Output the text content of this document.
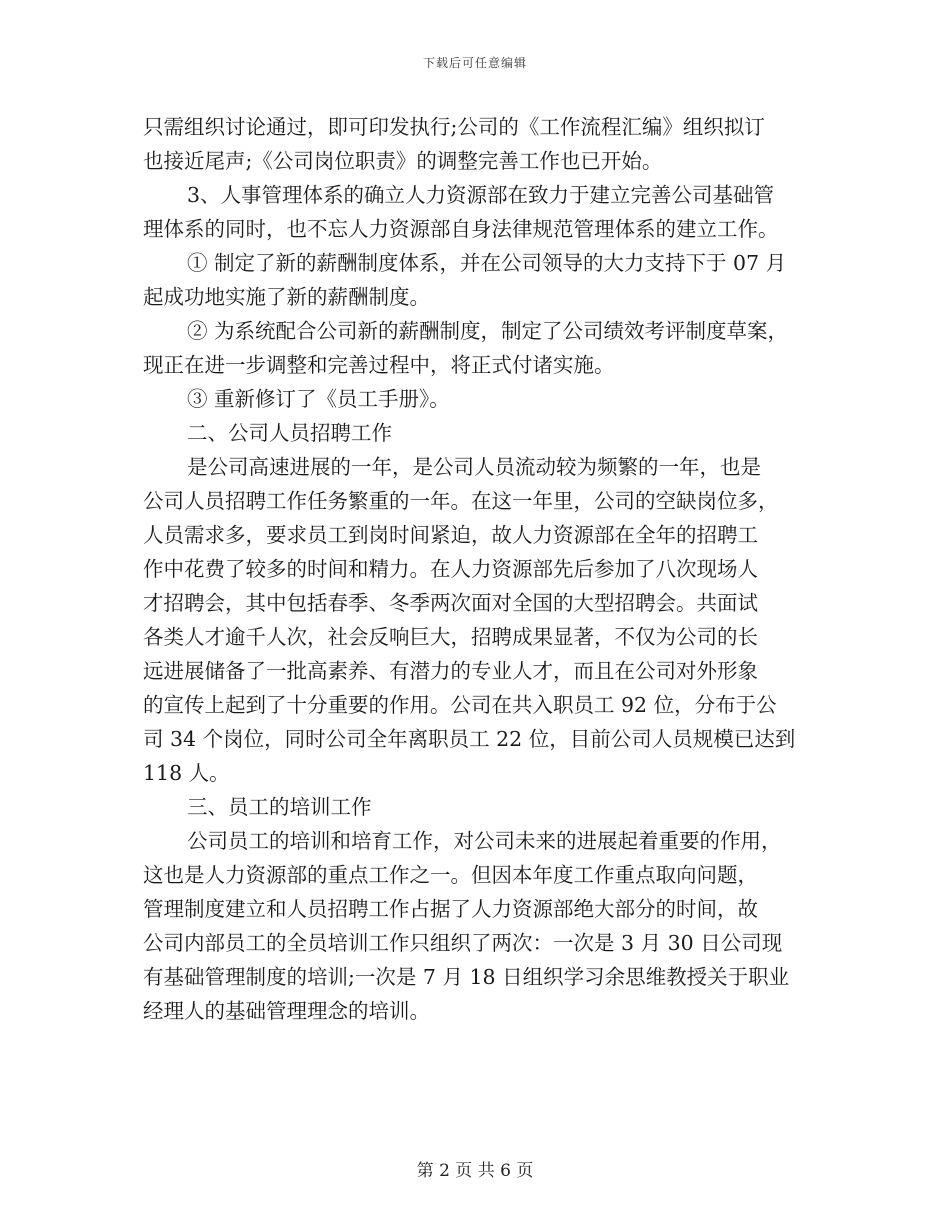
下载后可任意编辑
只需组织讨论通过，即可印发执行;公司的《工作流程汇编》组织拟订
也接近尾声;《公司岗位职责》的调整完善工作也已开始。
3、人事管理体系的确立人力资源部在致力于建立完善公司基础管
理体系的同时，也不忘人力资源部自身法律规范管理体系的建立工作。
① 制定了新的薪酬制度体系，并在公司领导的大力支持下于 07 月
起成功地实施了新的薪酬制度。
② 为系统配合公司新的薪酬制度，制定了公司绩效考评制度草案，
现正在进一步调整和完善过程中，将正式付诸实施。
③ 重新修订了《员工手册》。
二、公司人员招聘工作
是公司高速进展的一年，是公司人员流动较为频繁的一年，也是
公司人员招聘工作任务繁重的一年。在这一年里，公司的空缺岗位多，
人员需求多，要求员工到岗时间紧迫，故人力资源部在全年的招聘工
作中花费了较多的时间和精力。在人力资源部先后参加了八次现场人
才招聘会，其中包括春季、冬季两次面对全国的大型招聘会。共面试
各类人才逾千人次，社会反响巨大，招聘成果显著，不仅为公司的长
远进展储备了一批高素养、有潜力的专业人才，而且在公司对外形象
的宣传上起到了十分重要的作用。公司在共入职员工 92 位，分布于公
司 34 个岗位，同时公司全年离职员工 22 位，目前公司人员规模已达到
118 人。
三、员工的培训工作
公司员工的培训和培育工作，对公司未来的进展起着重要的作用，
这也是人力资源部的重点工作之一。但因本年度工作重点取向问题，
管理制度建立和人员招聘工作占据了人力资源部绝大部分的时间，故
公司内部员工的全员培训工作只组织了两次：一次是 3 月 30 日公司现
有基础管理制度的培训;一次是 7 月 18 日组织学习余思维教授关于职业
经理人的基础管理理念的培训。
第 2 页 共 6 页
